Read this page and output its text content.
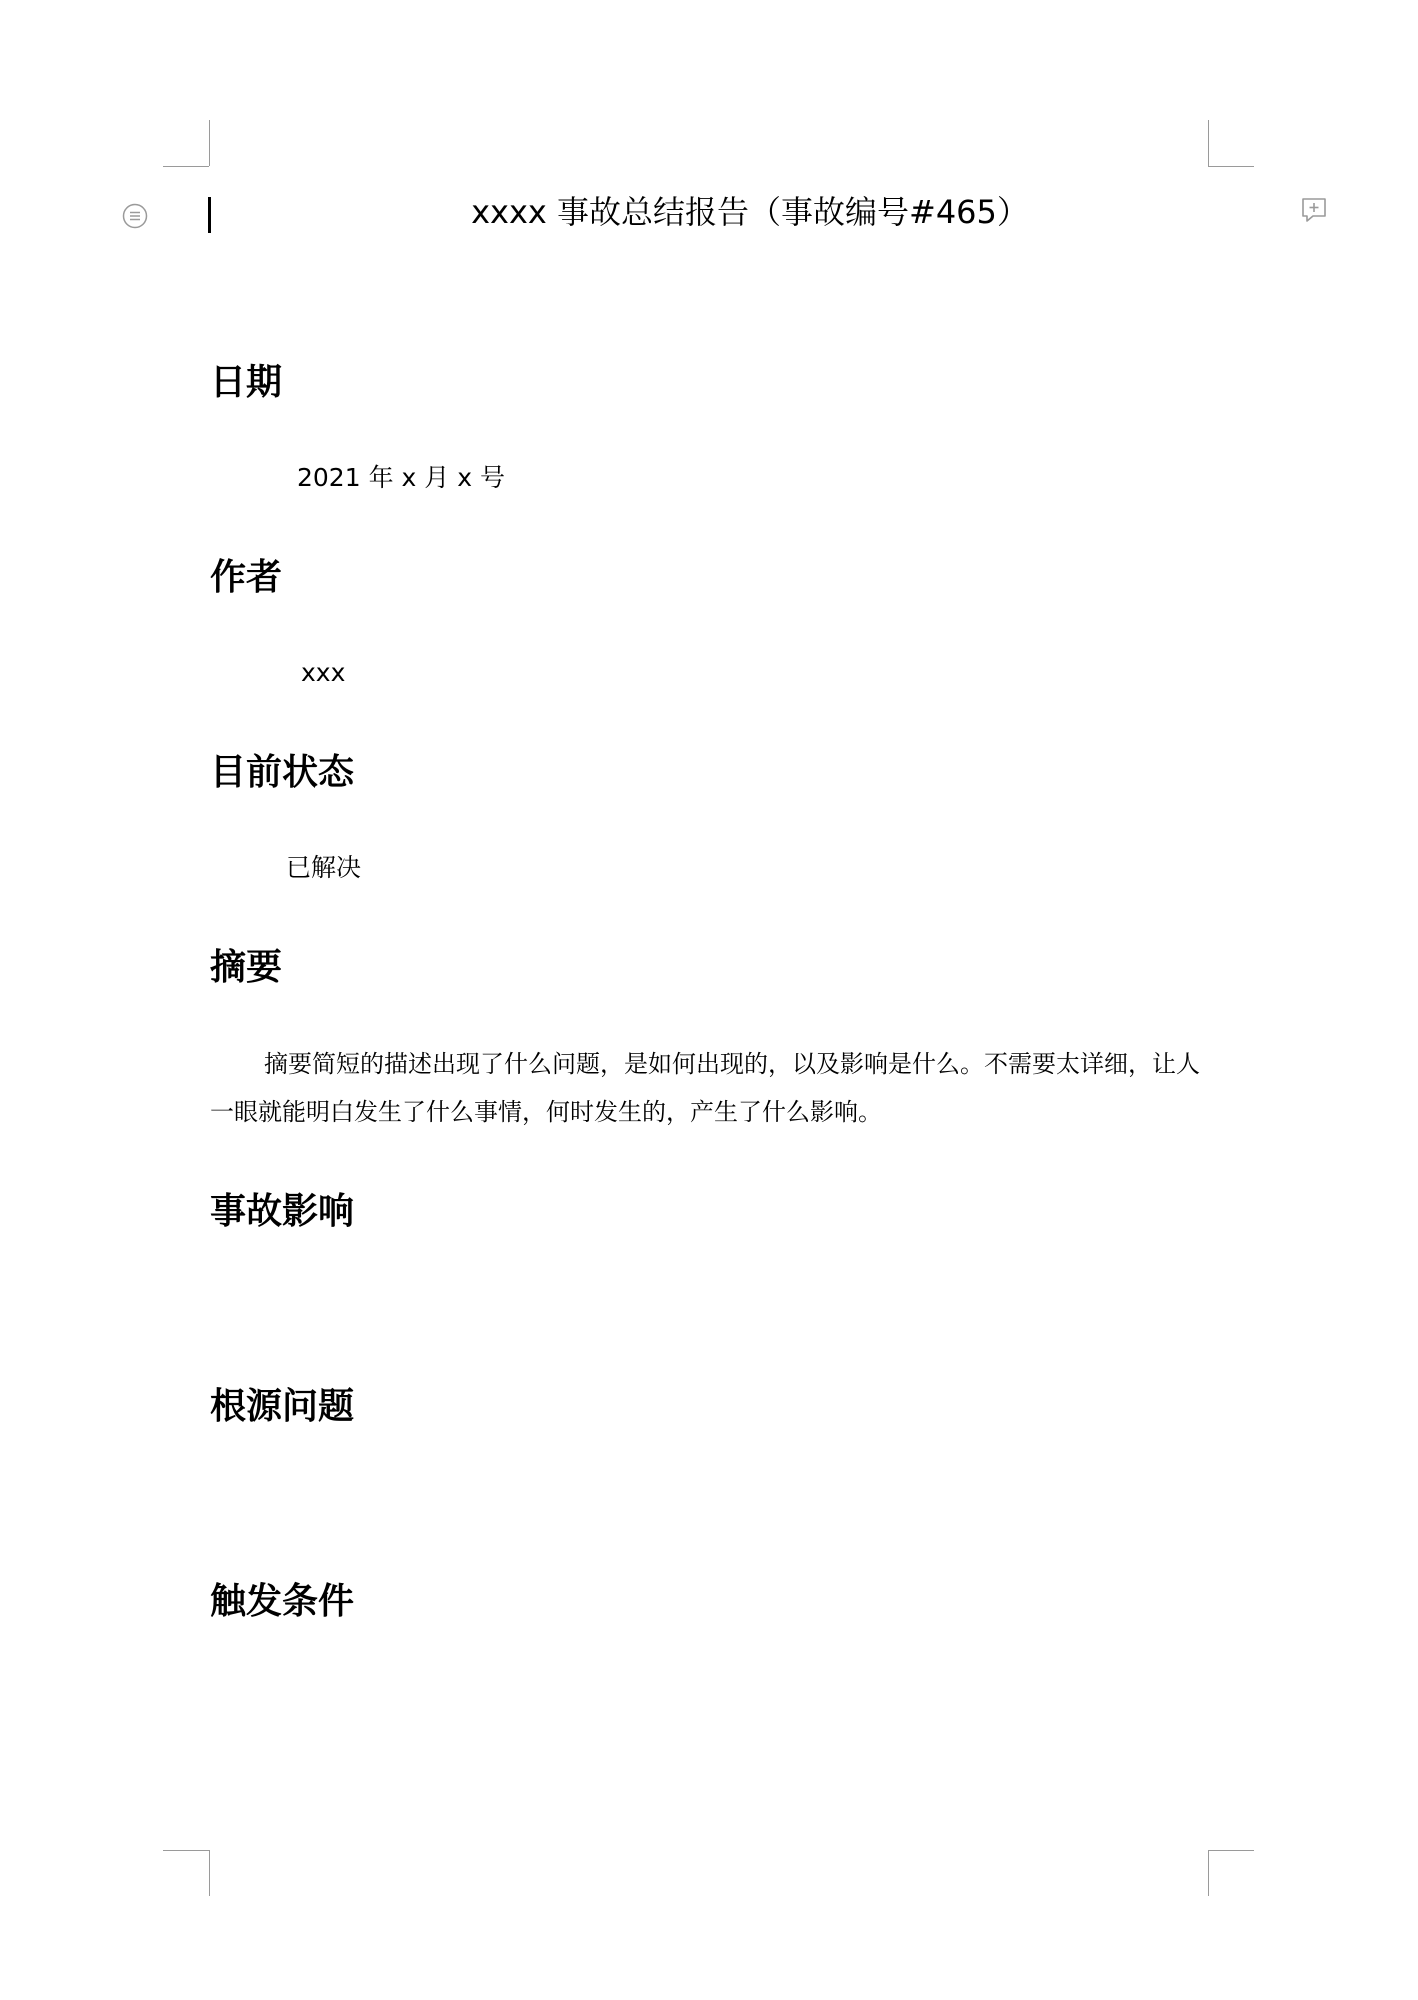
xxxx 事故总结报告（事故编号#465）
日期
2021 年 x 月 x 号
作者
xxx
目前状态
已解决
摘要
摘要简短的描述出现了什么问题，是如何出现的，以及影响是什么。不需要太详细，让人一眼就能明白发生了什么事情，何时发生的，产生了什么影响。
事故影响
根源问题
触发条件
